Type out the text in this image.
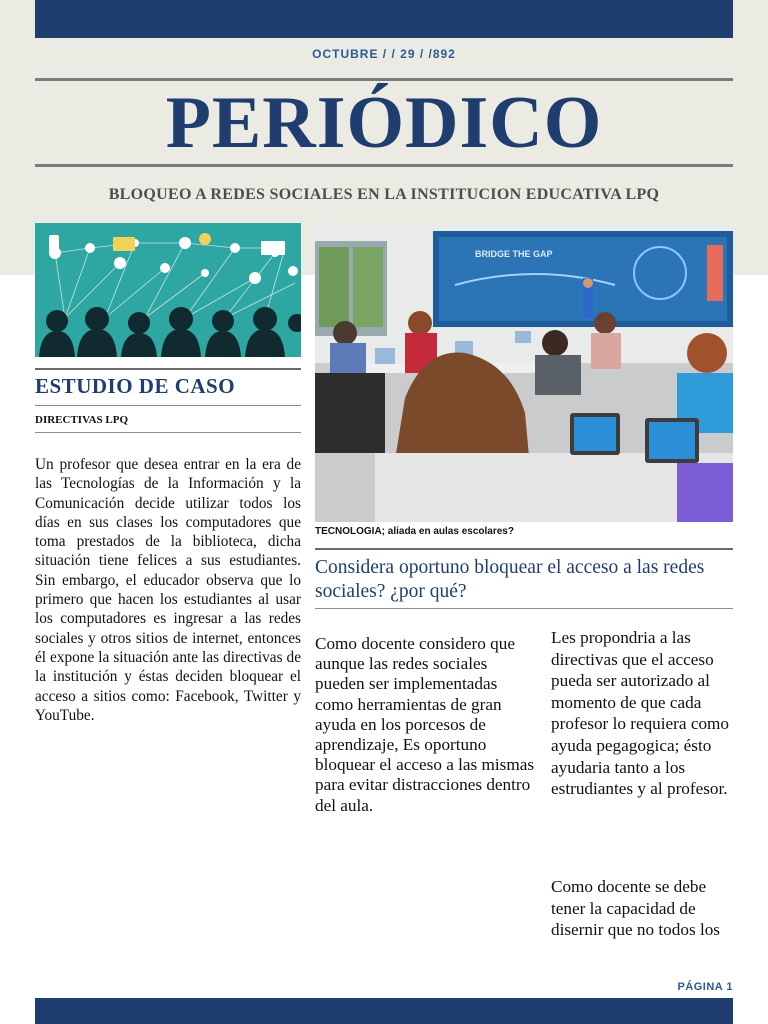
OCTUBRE / / 29 / /892
PERIÓDICO
BLOQUEO A REDES SOCIALES EN LA INSTITUCION EDUCATIVA LPQ
BRIDGE THE GAP
ESTUDIO DE CASO
DIRECTIVAS LPQ

Un profesor que desea entrar en la era de las Tecnologías de la Información y la Comunicación decide utilizar todos los días en sus clases los computadores que toma prestados de la biblioteca, dicha situación tiene felices a sus estudiantes. Sin embargo, el educador observa que lo primero que hacen los estudiantes al usar los computadores es ingresar a las redes sociales y otros sitios de internet, entonces él expone la situación ante las directivas de la institución y éstas deciden bloquear el acceso a sitios como: Facebook, Twitter y YouTube.

TECNOLOGIA; aliada en aulas escolares?

Considera oportuno bloquear el acceso a las redes sociales? ¿por qué?

Como docente considero que aunque las redes sociales pueden ser implementadas como herramientas de gran ayuda en los porcesos de aprendizaje, Es oportuno bloquear el acceso a las mismas para evitar distracciones dentro del aula.

Les propondria a las directivas que el acceso pueda ser autorizado al momento de que cada profesor lo requiera como ayuda pegagogica; ésto ayudaria tanto a los estrudiantes y al profesor.

Como docente se debe tener la capacidad de disernir que no todos los

PÁGINA 1
